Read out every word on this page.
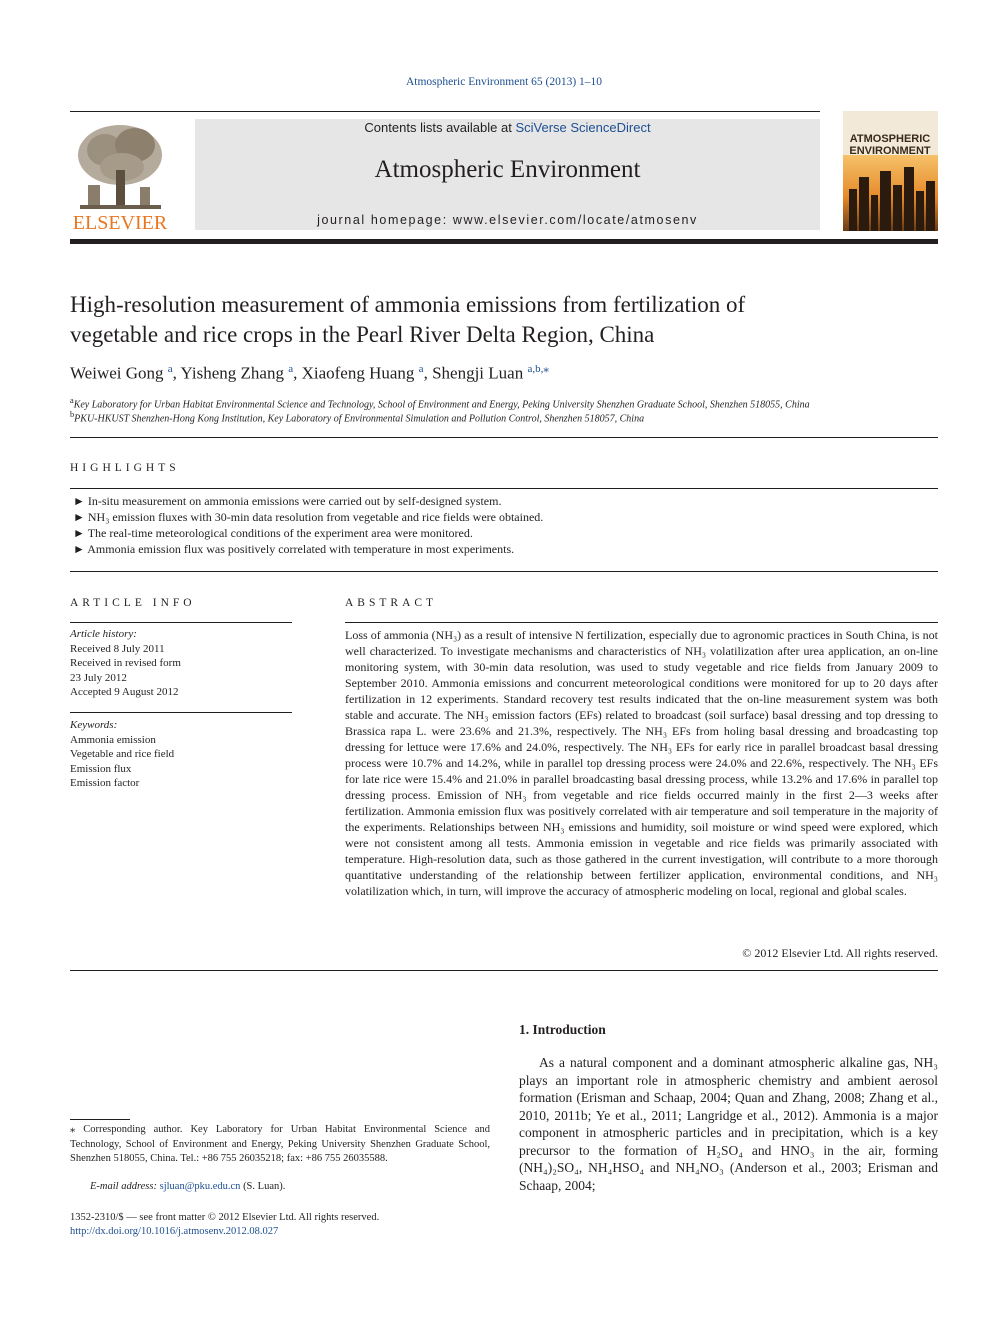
Atmospheric Environment 65 (2013) 1–10
ELSEVIER
Contents lists available at SciVerse ScienceDirect
Atmospheric Environment
journal homepage: www.elsevier.com/locate/atmosenv
ATMOSPHERIC
ENVIRONMENT
High-resolution measurement of ammonia emissions from fertilization of
vegetable and rice crops in the Pearl River Delta Region, China
Weiwei Gong $^a$, Yisheng Zhang $^a$, Xiaofeng Huang $^a$, Shengji Luan $^{a,b,⁎}$
$^a$Key Laboratory for Urban Habitat Environmental Science and Technology, School of Environment and Energy, Peking University Shenzhen Graduate School, Shenzhen 518055, China
$^b$PKU-HKUST Shenzhen-Hong Kong Institution, Key Laboratory of Environmental Simulation and Pollution Control, Shenzhen 518057, China
HIGHLIGHTS
► In-situ measurement on ammonia emissions were carried out by self-designed system.
► NH₃ emission fluxes with 30-min data resolution from vegetable and rice fields were obtained.
► The real-time meteorological conditions of the experiment area were monitored.
► Ammonia emission flux was positively correlated with temperature in most experiments.
ARTICLE INFO
Article history:
Received 8 July 2011
Received in revised form
23 July 2012
Accepted 9 August 2012
Keywords:
Ammonia emission
Vegetable and rice field
Emission flux
Emission factor
ABSTRACT
Loss of ammonia (NH₃) as a result of intensive N fertilization, especially due to agronomic practices in South China, is not well characterized. To investigate mechanisms and characteristics of NH₃ volatilization after urea application, an on-line monitoring system, with 30-min data resolution, was used to study vegetable and rice fields from January 2009 to September 2010. Ammonia emissions and concurrent meteorological conditions were monitored for up to 20 days after fertilization in 12 experiments. Standard recovery test results indicated that the on-line measurement system was both stable and accurate. The NH₃ emission factors (EFs) related to broadcast (soil surface) basal dressing and top dressing to Brassica rapa L. were 23.6% and 21.3%, respectively. The NH₃ EFs from holing basal dressing and broadcasting top dressing for lettuce were 17.6% and 24.0%, respectively. The NH₃ EFs for early rice in parallel broadcast basal dressing process were 10.7% and 14.2%, while in parallel top dressing process were 24.0% and 22.6%, respectively. The NH₃ EFs for late rice were 15.4% and 21.0% in parallel broadcasting basal dressing process, while 13.2% and 17.6% in parallel top dressing process. Emission of NH₃ from vegetable and rice fields occurred mainly in the first 2—3 weeks after fertilization. Ammonia emission flux was positively correlated with air temperature and soil temperature in the majority of the experiments. Relationships between NH₃ emissions and humidity, soil moisture or wind speed were explored, which were not consistent among all tests. Ammonia emission in vegetable and rice fields was primarily associated with temperature. High-resolution data, such as those gathered in the current investigation, will contribute to a more thorough quantitative understanding of the relationship between fertilizer application, environmental conditions, and NH₃ volatilization which, in turn, will improve the accuracy of atmospheric modeling on local, regional and global scales.
© 2012 Elsevier Ltd. All rights reserved.
1. Introduction
As a natural component and a dominant atmospheric alkaline gas, NH₃ plays an important role in atmospheric chemistry and ambient aerosol formation (Erisman and Schaap, 2004; Quan and Zhang, 2008; Zhang et al., 2010, 2011b; Ye et al., 2011; Langridge et al., 2012). Ammonia is a major component in atmospheric particles and in precipitation, which is a key precursor to the formation of H₂SO₄ and HNO₃ in the air, forming (NH₄)₂SO₄, NH₄HSO₄ and NH₄NO₃ (Anderson et al., 2003; Erisman and Schaap, 2004;
⁎ Corresponding author. Key Laboratory for Urban Habitat Environmental Science and Technology, School of Environment and Energy, Peking University Shenzhen Graduate School, Shenzhen 518055, China. Tel.: +86 755 26035218; fax: +86 755 26035588.
E-mail address: sjluan@pku.edu.cn (S. Luan).
1352-2310/$ — see front matter © 2012 Elsevier Ltd. All rights reserved.
http://dx.doi.org/10.1016/j.atmosenv.2012.08.027
